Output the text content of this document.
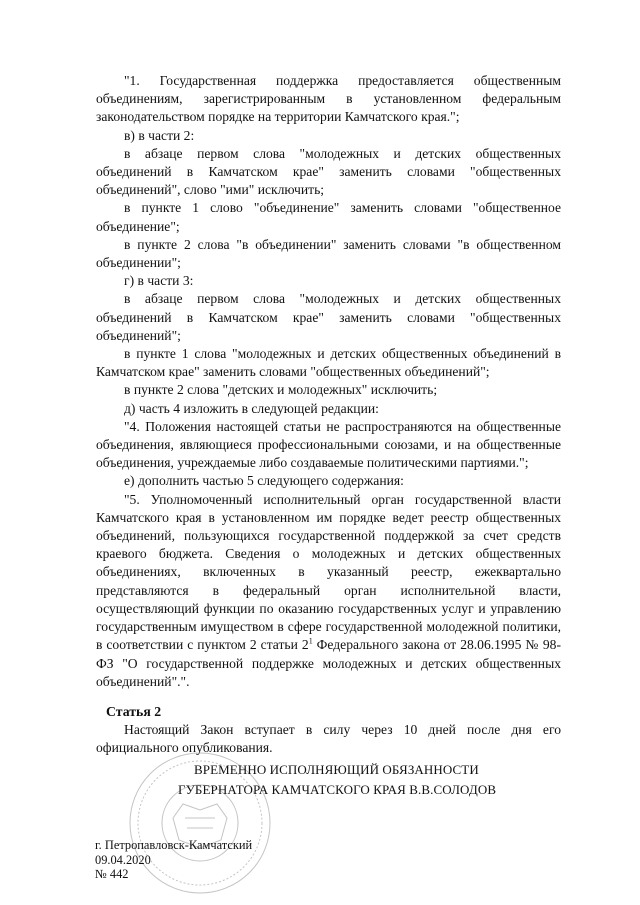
"1. Государственная поддержка предоставляется общественным объединениям, зарегистрированным в установленном федеральным законодательством порядке на территории Камчатского края.";

в) в части 2:

в абзаце первом слова "молодежных и детских общественных объединений в Камчатском крае" заменить словами "общественных объединений", слово "ими" исключить;

в пункте 1 слово "объединение" заменить словами "общественное объединение";

в пункте 2 слова "в объединении" заменить словами "в общественном объединении";

г) в части 3:

в абзаце первом слова "молодежных и детских общественных объединений в Камчатском крае" заменить словами "общественных объединений";

в пункте 1 слова "молодежных и детских общественных объединений в Камчатском крае" заменить словами "общественных объединений";

в пункте 2 слова "детских и молодежных" исключить;

д) часть 4 изложить в следующей редакции:

"4. Положения настоящей статьи не распространяются на общественные объединения, являющиеся профессиональными союзами, и на общественные объединения, учреждаемые либо создаваемые политическими партиями.";

е) дополнить частью 5 следующего содержания:

"5. Уполномоченный исполнительный орган государственной власти Камчатского края в установленном им порядке ведет реестр общественных объединений, пользующихся государственной поддержкой за счет средств краевого бюджета. Сведения о молодежных и детских общественных объединениях, включенных в указанный реестр, ежеквартально представляются в федеральный орган исполнительной власти, осуществляющий функции по оказанию государственных услуг и управлению государственным имуществом в сфере государственной молодежной политики, в соответствии с пунктом 2 статьи $2^1$ Федерального закона от 28.06.1995 № 98-ФЗ "О государственной поддержке молодежных и детских общественных объединений".".

Статья 2

Настоящий Закон вступает в силу через 10 дней после дня его официального опубликования.

ВРЕМЕННО ИСПОЛНЯЮЩИЙ ОБЯЗАННОСТИ
ГУБЕРНАТОРА КАМЧАТСКОГО КРАЯ В.В.СОЛОДОВ
г. Петропавловск-Камчатский
09.04.2020
№ 442
